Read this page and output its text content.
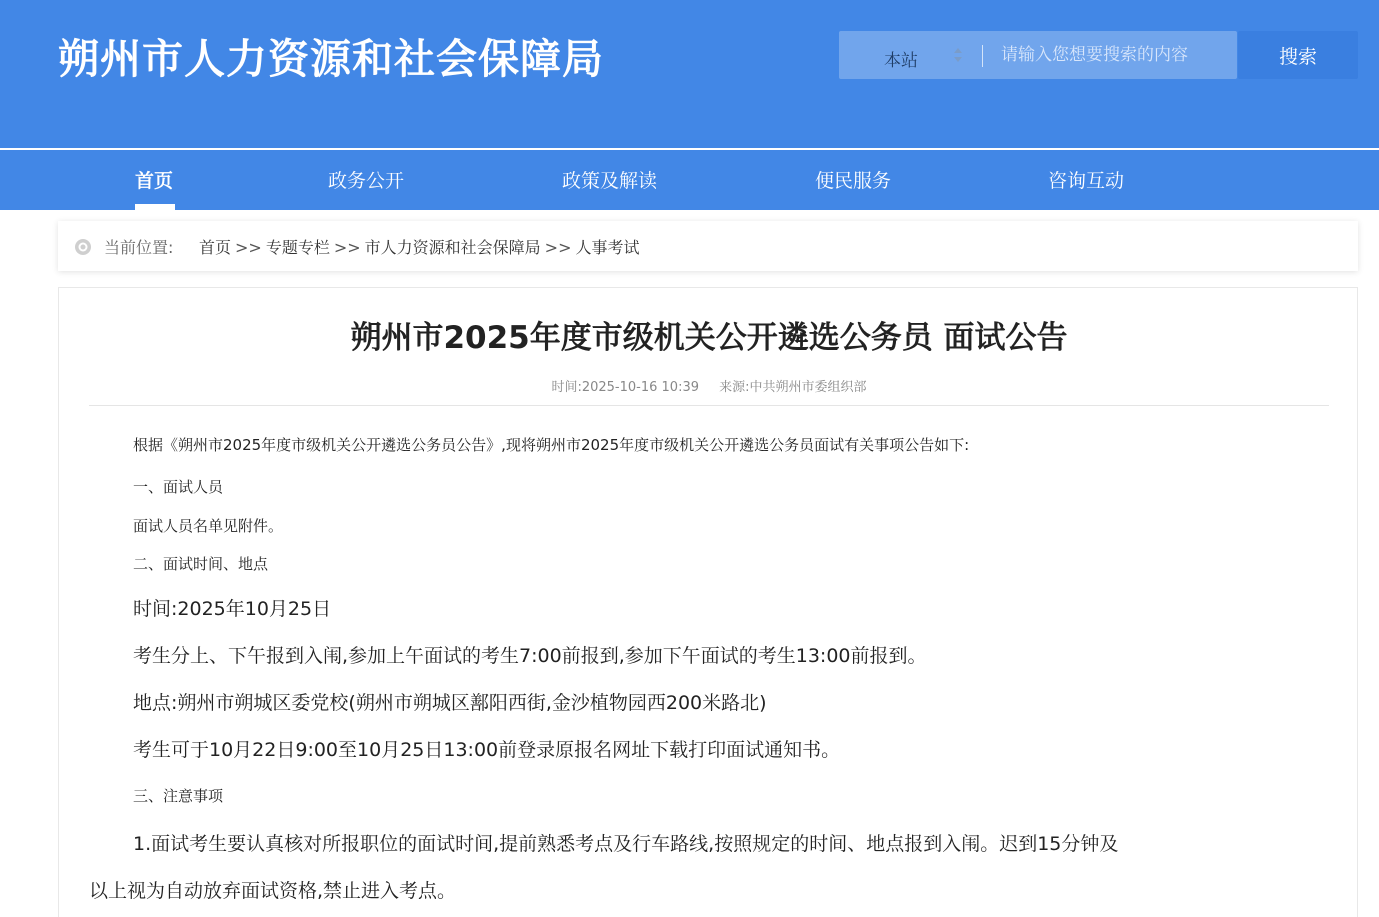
朔州市人力资源和社会保障局	本站
请输入您想要搜索的内容	搜索
首页	政务公开	政策及解读	便民服务	咨询互动
当前位置: 首页 >> 专题专栏 >> 市人力资源和社会保障局 >> 人事考试
朔州市2025年度市级机关公开遴选公务员 面试公告
时间:2025-10-16 10:39 来源:中共朔州市委组织部

根据《朔州市2025年度市级机关公开遴选公务员公告》,现将朔州市2025年度市级机关公开遴选公务员面试有关事项公告如下:

一、面试人员

面试人员名单见附件。

二、面试时间、地点

时间:2025年10月25日

考生分上、下午报到入闱,参加上午面试的考生7:00前报到,参加下午面试的考生13:00前报到。

地点:朔州市朔城区委党校(朔州市朔城区鄯阳西街,金沙植物园西200米路北)

考生可于10月22日9:00至10月25日13:00前登录原报名网址下载打印面试通知书。

三、注意事项

1.面试考生要认真核对所报职位的面试时间,提前熟悉考点及行车路线,按照规定的时间、地点报到入闱。迟到15分钟及

以上视为自动放弃面试资格,禁止进入考点。
